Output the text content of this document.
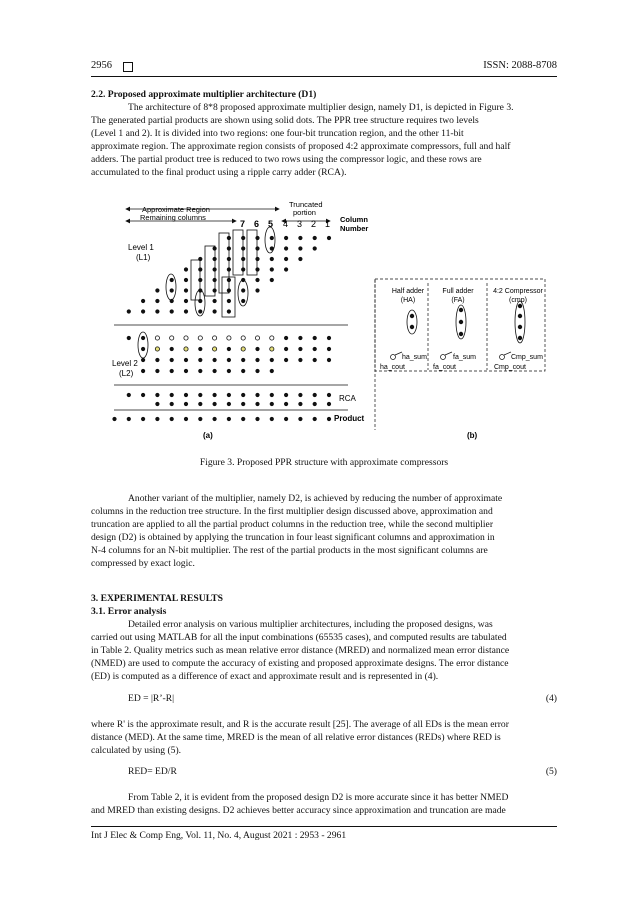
2956	ISSN: 2088-8708
2.2. Proposed approximate multiplier architecture (D1)
The architecture of 8*8 proposed approximate multiplier design, namely D1, is depicted in Figure 3.
The generated partial products are shown using solid dots. The PPR tree structure requires two levels
(Level 1 and 2). It is divided into two regions: one four-bit truncation region, and the other 11-bit
approximate region. The approximate region consists of proposed 4:2 approximate compressors, full and half
adders. The partial product tree is reduced to two rows using the compressor logic, and these rows are
accumulated to the final product using a ripple carry adder (RCA).
Approximate Region
Remaining columns
Truncated
portion
Column
Number
7 6 5 4 3 2 1
Level 1
(L1)
Level 2
(L2)
RCA
Product
(a)
Half adder
(HA)
Full adder
(FA)
4:2 Compressor
(cmp)
ha_sum
ha_cout
fa_sum
fa_cout
Cmp_sum
Cmp_cout
(b)
Figure 3. Proposed PPR structure with approximate compressors
Another variant of the multiplier, namely D2, is achieved by reducing the number of approximate
columns in the reduction tree structure. In the first multiplier design discussed above, approximation and
truncation are applied to all the partial product columns in the reduction tree, while the second multiplier
design (D2) is obtained by applying the truncation in four least significant columns and approximation in
N-4 columns for an N-bit multiplier. The rest of the partial products in the most significant columns are
compressed by exact logic.
3. EXPERIMENTAL RESULTS
3.1. Error analysis
Detailed error analysis on various multiplier architectures, including the proposed designs, was
carried out using MATLAB for all the input combinations (65535 cases), and computed results are tabulated
in Table 2. Quality metrics such as mean relative error distance (MRED) and normalized mean error distance
(NMED) are used to compute the accuracy of existing and proposed approximate designs. The error distance
(ED) is computed as a difference of exact and approximate result and is represented in (4).
ED = |R’-R|	(4)
where R' is the approximate result, and R is the accurate result [25]. The average of all EDs is the mean error
distance (MED). At the same time, MRED is the mean of all relative error distances (REDs) where RED is
calculated by using (5).
RED= ED/R	(5)
From Table 2, it is evident from the proposed design D2 is more accurate since it has better NMED
and MRED than existing designs. D2 achieves better accuracy since approximation and truncation are made
Int J Elec & Comp Eng, Vol. 11, No. 4, August 2021 : 2953 - 2961
